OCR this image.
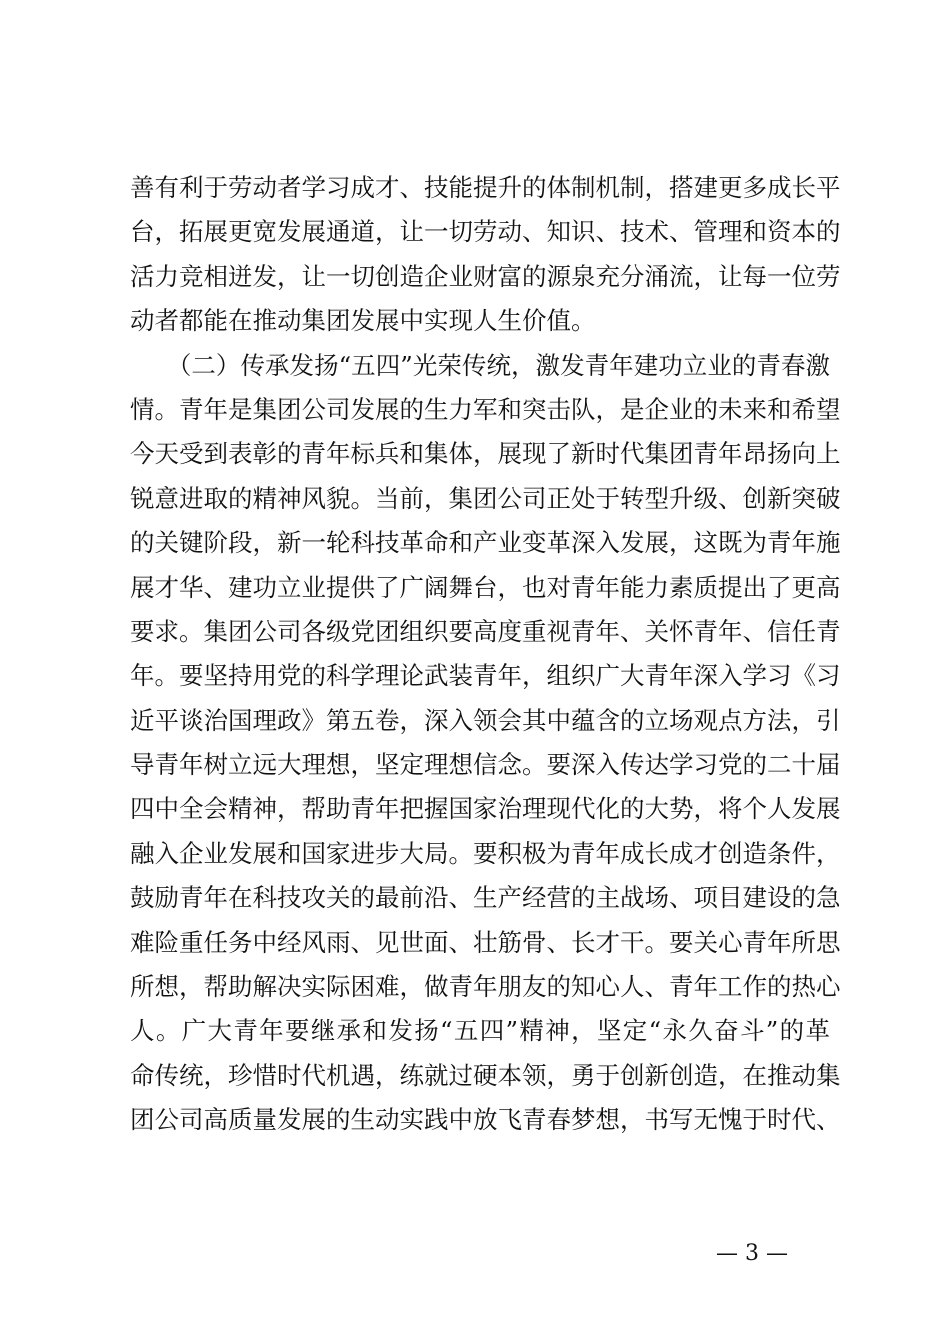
善有利于劳动者学习成才、技能提升的体制机制，搭建更多成长平
台，拓展更宽发展通道，让一切劳动、知识、技术、管理和资本的
活力竞相迸发，让一切创造企业财富的源泉充分涌流，让每一位劳
动者都能在推动集团发展中实现人生价值。
　　（二）传承发扬“五四”光荣传统，激发青年建功立业的青春激
情。青年是集团公司发展的生力军和突击队，是企业的未来和希望
今天受到表彰的青年标兵和集体，展现了新时代集团青年昂扬向上
锐意进取的精神风貌。当前，集团公司正处于转型升级、创新突破
的关键阶段，新一轮科技革命和产业变革深入发展，这既为青年施
展才华、建功立业提供了广阔舞台，也对青年能力素质提出了更高
要求。集团公司各级党团组织要高度重视青年、关怀青年、信任青
年。要坚持用党的科学理论武装青年，组织广大青年深入学习《习
近平谈治国理政》第五卷，深入领会其中蕴含的立场观点方法，引
导青年树立远大理想，坚定理想信念。要深入传达学习党的二十届
四中全会精神，帮助青年把握国家治理现代化的大势，将个人发展
融入企业发展和国家进步大局。要积极为青年成长成才创造条件，
鼓励青年在科技攻关的最前沿、生产经营的主战场、项目建设的急
难险重任务中经风雨、见世面、壮筋骨、长才干。要关心青年所思
所想，帮助解决实际困难，做青年朋友的知心人、青年工作的热心
人。广大青年要继承和发扬“五四”精神，坚定“永久奋斗”的革
命传统，珍惜时代机遇，练就过硬本领，勇于创新创造，在推动集
团公司高质量发展的生动实践中放飞青春梦想，书写无愧于时代、
— 3 —
